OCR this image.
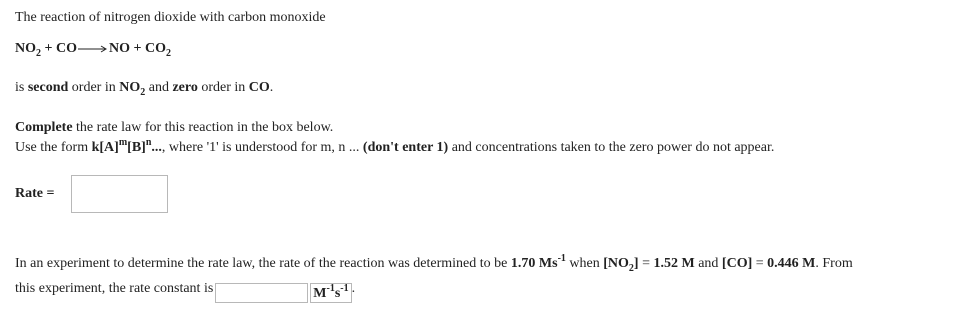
The reaction of nitrogen dioxide with carbon monoxide
$NO_2 + CO\to NO + CO_2$
is second order in $NO_2$ and zero order in CO.
Complete the rate law for this reaction in the box below.
Use the form $k[A]^m[B]^n$..., where '1' is understood for m, n ... (don't enter 1) and concentrations taken to the zero power do not appear.
Rate =
In an experiment to determine the rate law, the rate of the reaction was determined to be 1.70 $Ms^{-1}$ when $[NO_2] = 1.52$ M and [CO] = 0.446 M. From
this experiment, the rate constant is	$M^{-1}s^{-1}$ .
